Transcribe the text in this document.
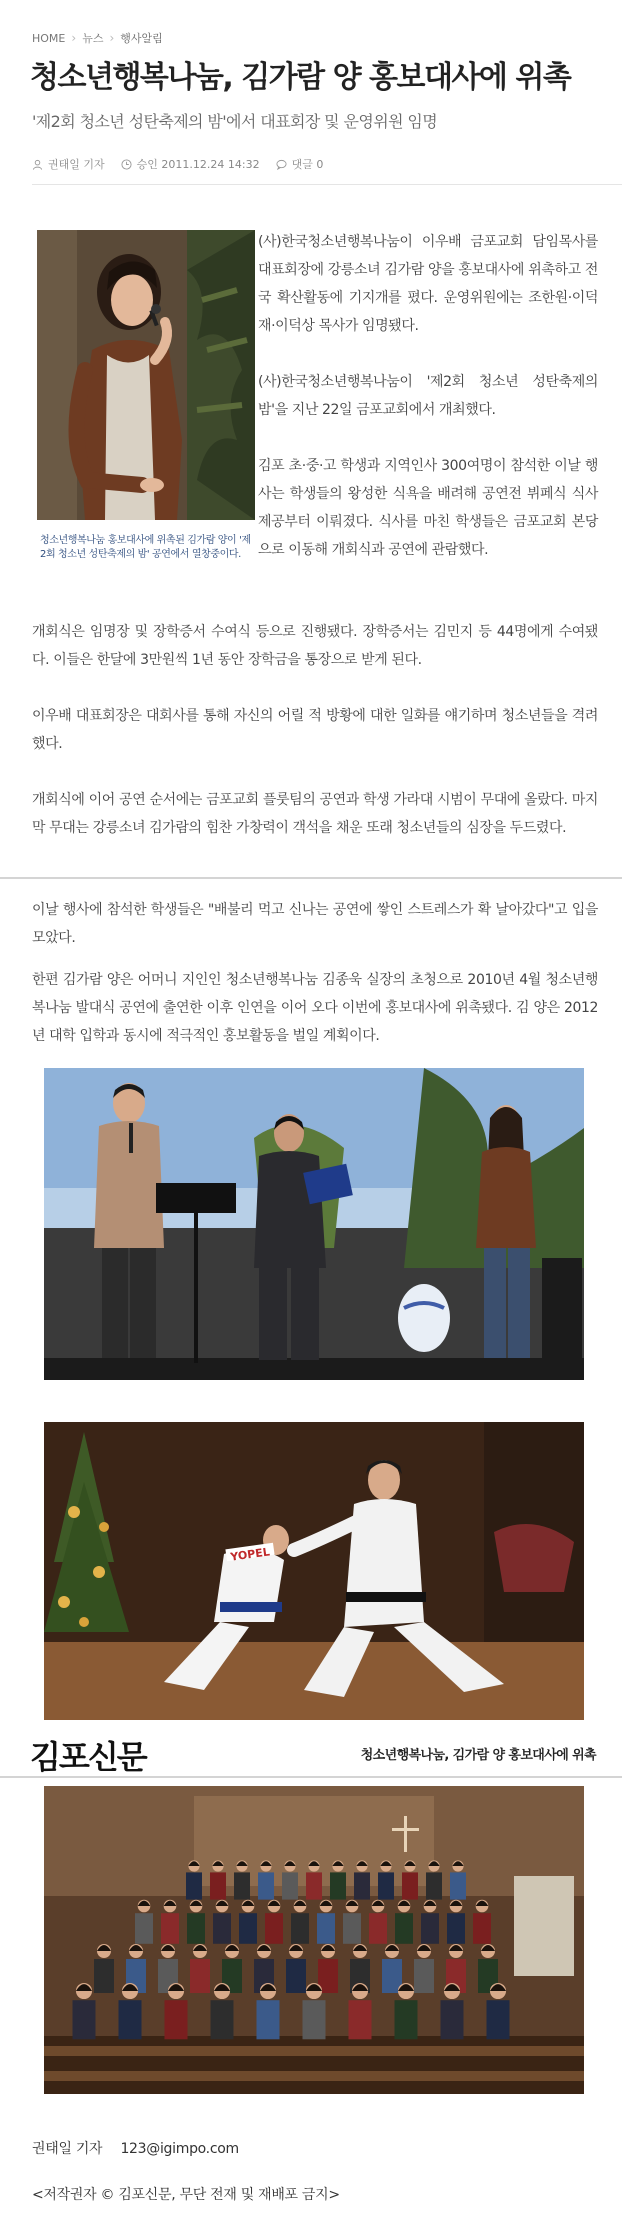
HOME › 뉴스 › 행사알림
청소년행복나눔, 김가람 양 홍보대사에 위촉

'제2회 청소년 성탄축제의 밤'에서 대표회장 및 운영위원 임명

권태일 기자	승인 2011.12.24 14:32	댓글 0

청소년행복나눔 홍보대사에 위촉된 김가람 양이 '제2회 청소년 성탄축제의 밤' 공연에서 열창중이다.

(사)한국청소년행복나눔이 이우배 금포교회 담임목사를 대표회장에 강릉소녀 김가람 양을 홍보대사에 위촉하고 전국 확산활동에 기지개를 폈다. 운영위원에는 조한원·이덕재·이덕상 목사가 임명됐다.

(사)한국청소년행복나눔이 '제2회 청소년 성탄축제의 밤'을 지난 22일 금포교회에서 개최했다.

김포 초·중·고 학생과 지역인사 300여명이 참석한 이날 행사는 학생들의 왕성한 식욕을 배려해 공연전 뷔페식 식사제공부터 이뤄졌다. 식사를 마친 학생들은 금포교회 본당으로 이동해 개회식과 공연에 관람했다.

개회식은 임명장 및 장학증서 수여식 등으로 진행됐다. 장학증서는 김민지 등 44명에게 수여됐다. 이들은 한달에 3만원씩 1년 동안 장학금을 통장으로 받게 된다.

이우배 대표회장은 대회사를 통해 자신의 어릴 적 방황에 대한 일화를 얘기하며 청소년들을 격려했다.

개회식에 이어 공연 순서에는 금포교회 플룻팀의 공연과 학생 가라대 시범이 무대에 올랐다. 마지막 무대는 강릉소녀 김가람의 힘찬 가창력이 객석을 채운 또래 청소년들의 심장을 두드렸다.

이날 행사에 참석한 학생들은 "배불리 먹고 신나는 공연에 쌓인 스트레스가 확 날아갔다"고 입을 모았다.

한편 김가람 양은 어머니 지인인 청소년행복나눔 김종욱 실장의 초청으로 2010년 4월 청소년행복나눔 발대식 공연에 출연한 이후 인연을 이어 오다 이번에 홍보대사에 위촉됐다. 김 양은 2012년 대학 입학과 동시에 적극적인 홍보활동을 벌일 계획이다.

YOPEL
김포신문	청소년행복나눔, 김가람 양 홍보대사에 위촉
권태일 기자 123@igimpo.com
<저작권자 © 김포신문, 무단 전재 및 재배포 금지>
